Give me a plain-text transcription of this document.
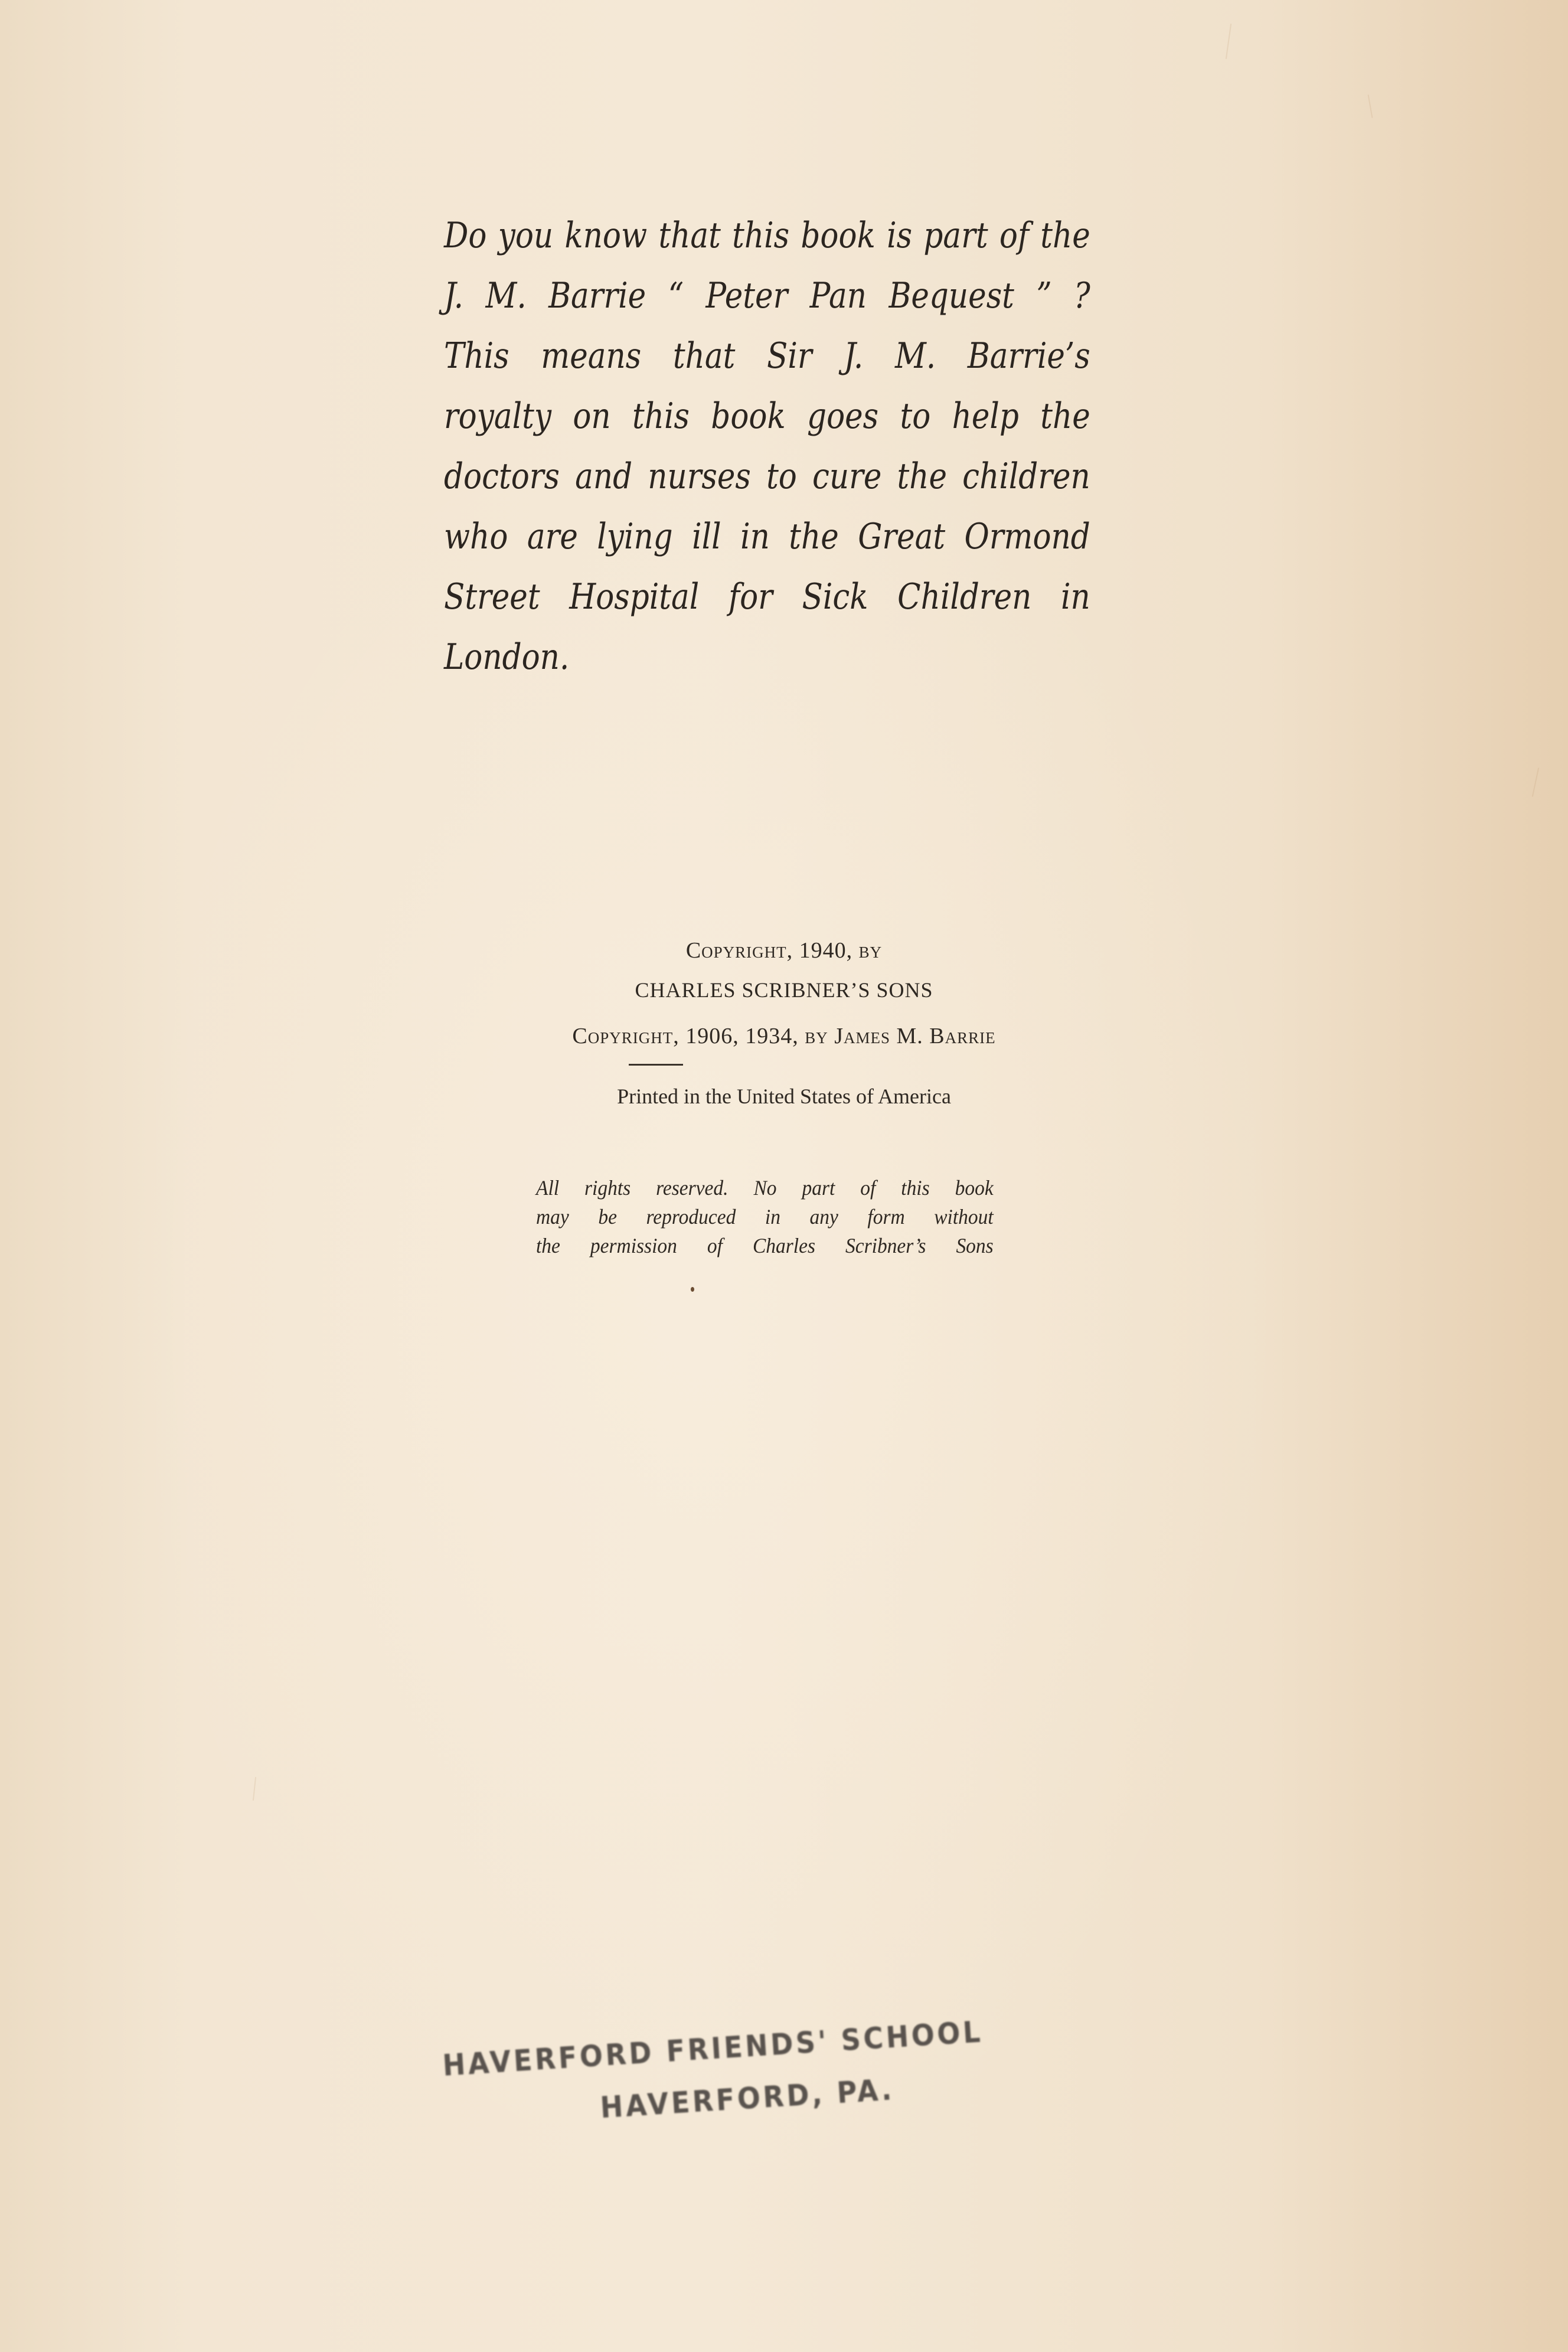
Do you know that this book is part of the
J. M. Barrie “ Peter Pan Bequest ” ?
This means that Sir J. M. Barrie’s
royalty on this book goes to help the
doctors and nurses to cure the children
who are lying ill in the Great Ormond
Street Hospital for Sick Children in
London.
Copyright, 1940, by
CHARLES SCRIBNER’S SONS
Copyright, 1906, 1934, by James M. Barrie
Printed in the United States of America
All rights reserved. No part of this book
may be reproduced in any form without
the permission of Charles Scribner’s Sons
HAVERFORD FRIENDS' SCHOOL
HAVERFORD, PA.
